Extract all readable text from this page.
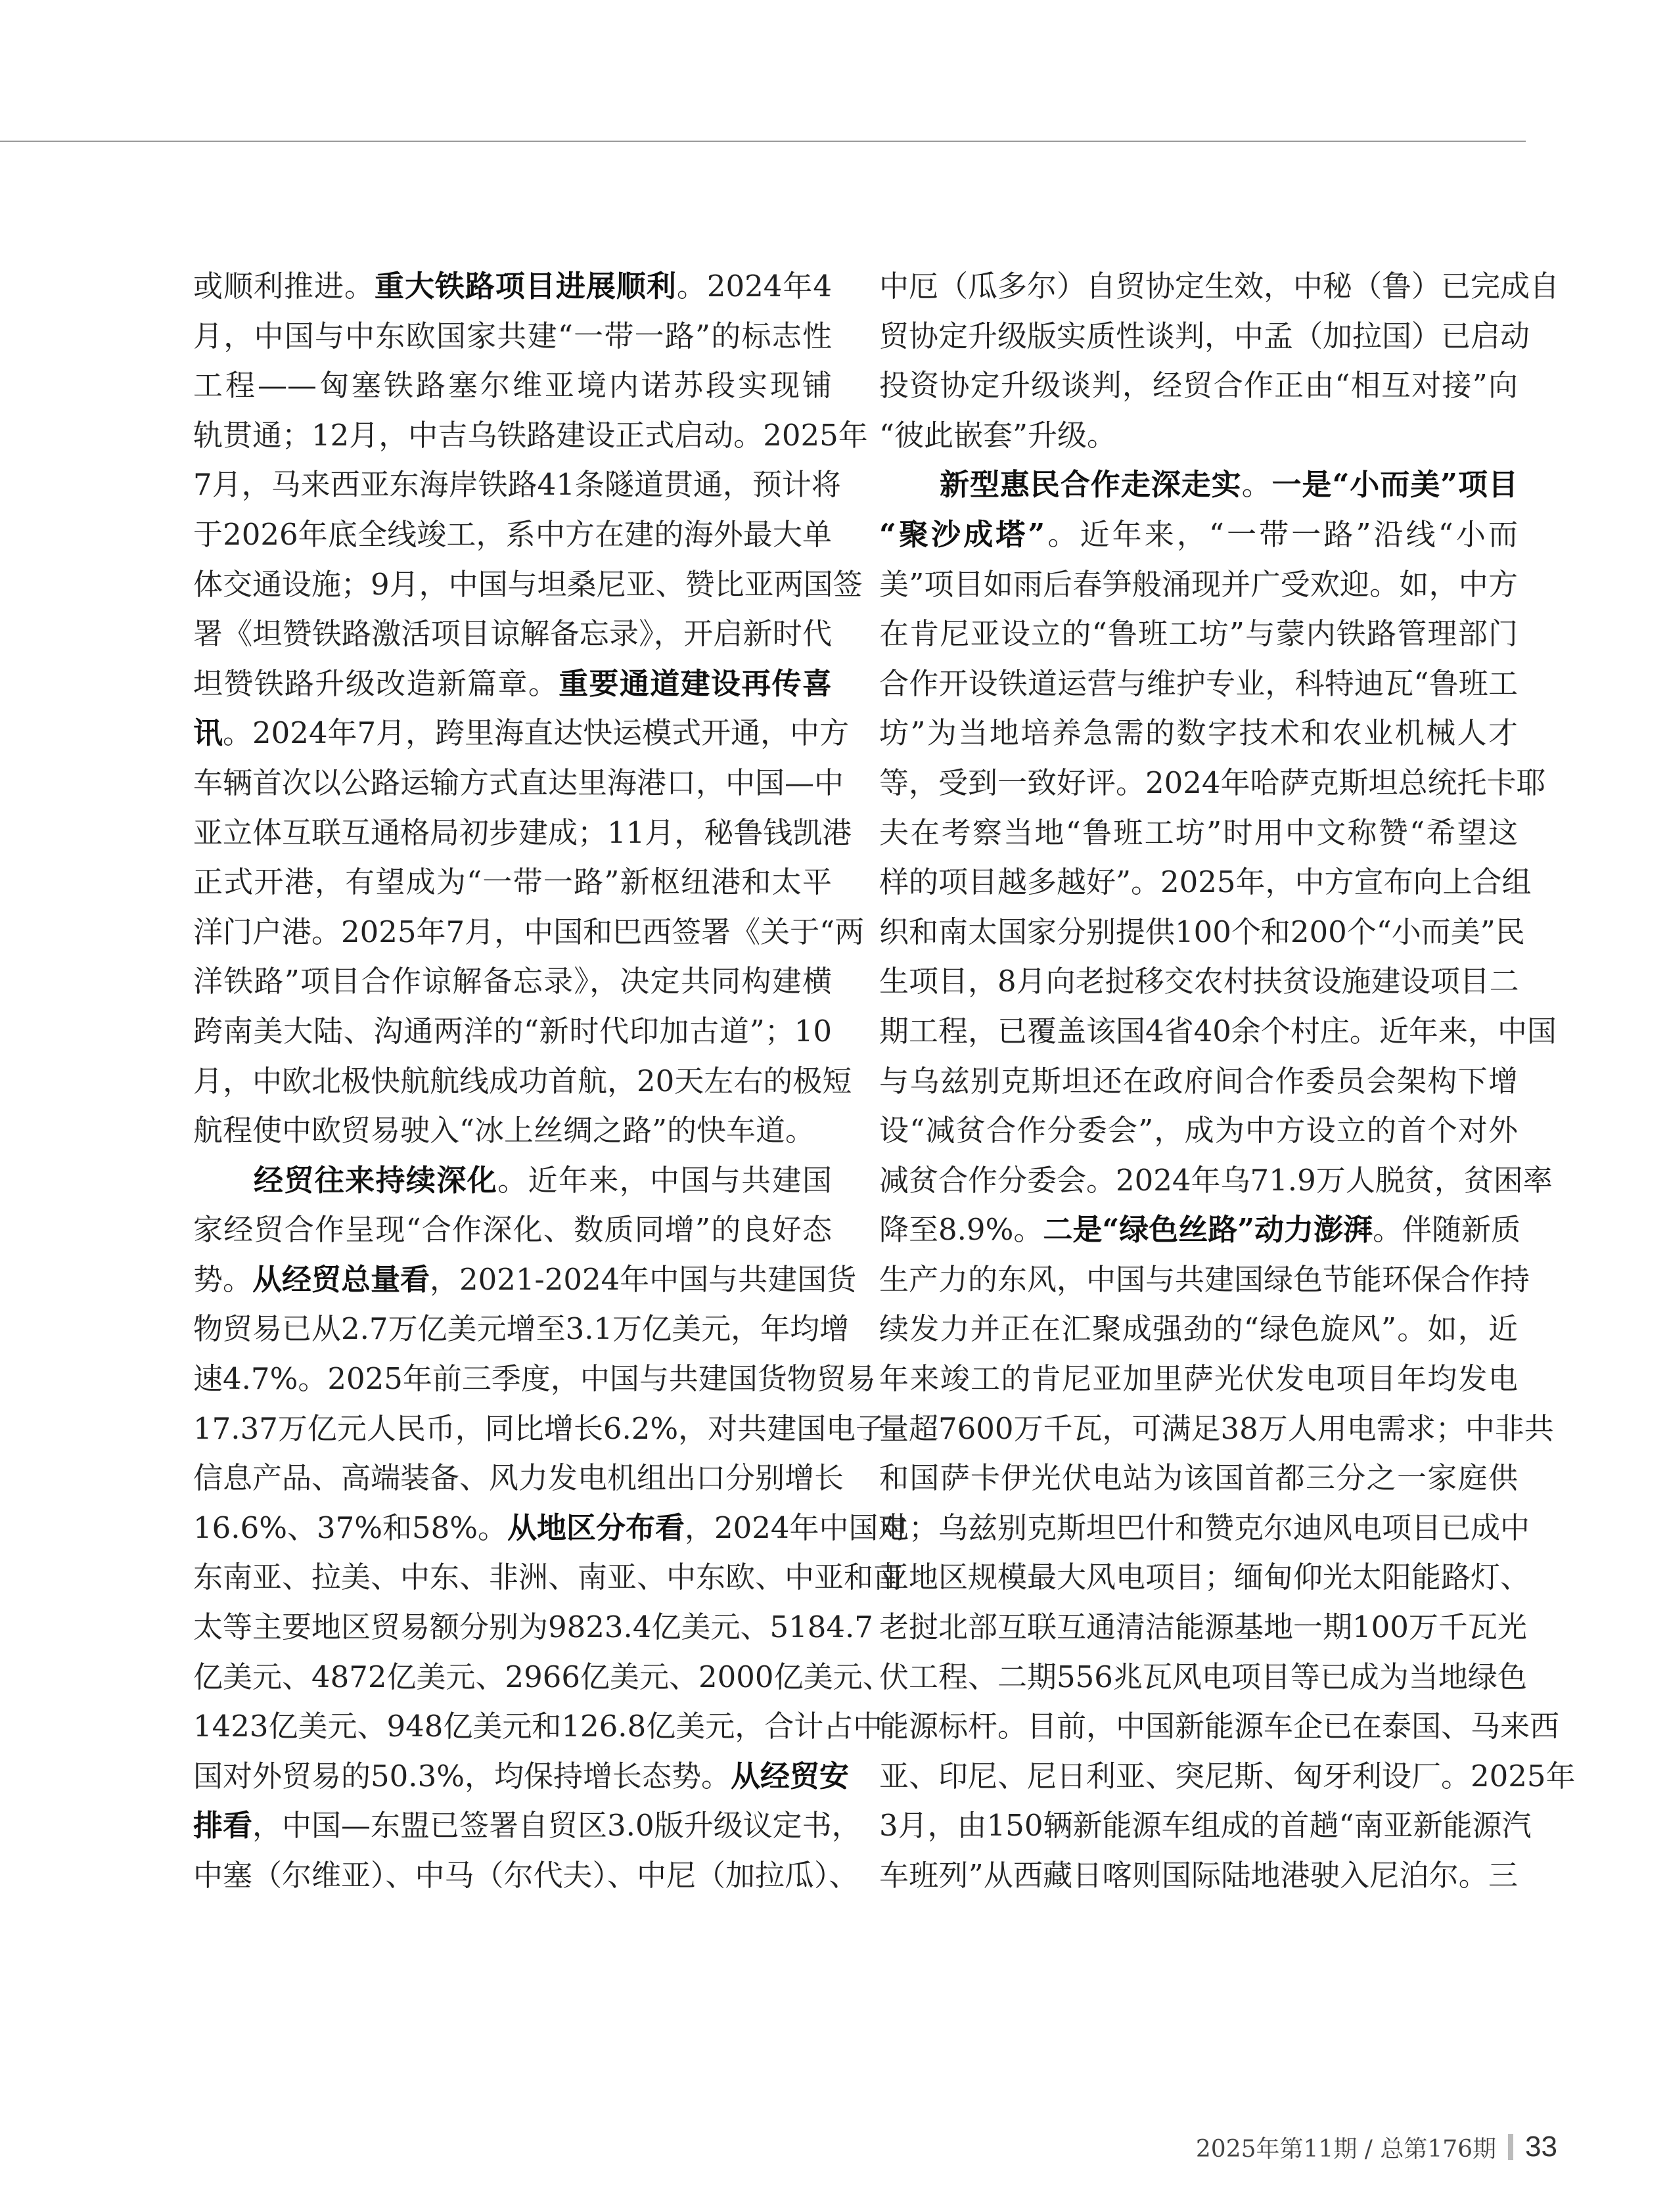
或顺利推进。重大铁路项目进展顺利。2024年4
月，中国与中东欧国家共建“一带一路”的标志性
工程——匈塞铁路塞尔维亚境内诺苏段实现铺
轨贯通；12月，中吉乌铁路建设正式启动。2025年
7月，马来西亚东海岸铁路41条隧道贯通，预计将
于2026年底全线竣工，系中方在建的海外最大单
体交通设施；9月，中国与坦桑尼亚、赞比亚两国签
署《坦赞铁路激活项目谅解备忘录》，开启新时代
坦赞铁路升级改造新篇章。重要通道建设再传喜
讯。2024年7月，跨里海直达快运模式开通，中方
车辆首次以公路运输方式直达里海港口，中国—中
亚立体互联互通格局初步建成；11月，秘鲁钱凯港
正式开港，有望成为“一带一路”新枢纽港和太平
洋门户港。2025年7月，中国和巴西签署《关于“两
洋铁路”项目合作谅解备忘录》，决定共同构建横
跨南美大陆、沟通两洋的“新时代印加古道”；10
月，中欧北极快航航线成功首航，20天左右的极短
航程使中欧贸易驶入“冰上丝绸之路”的快车道。
经贸往来持续深化。近年来，中国与共建国
家经贸合作呈现“合作深化、数质同增”的良好态
势。从经贸总量看，2021-2024年中国与共建国货
物贸易已从2.7万亿美元增至3.1万亿美元，年均增
速4.7%。2025年前三季度，中国与共建国货物贸易
17.37万亿元人民币，同比增长6.2%，对共建国电子
信息产品、高端装备、风力发电机组出口分别增长
16.6%、37%和58%。从地区分布看，2024年中国对
东南亚、拉美、中东、非洲、南亚、中东欧、中亚和南
太等主要地区贸易额分别为9823.4亿美元、5184.7
亿美元、4872亿美元、2966亿美元、2000亿美元、
1423亿美元、948亿美元和126.8亿美元，合计占中
国对外贸易的50.3%，均保持增长态势。从经贸安
排看，中国—东盟已签署自贸区3.0版升级议定书，
中塞（尔维亚）、中马（尔代夫）、中尼（加拉瓜）、
中厄（瓜多尔）自贸协定生效，中秘（鲁）已完成自
贸协定升级版实质性谈判，中孟（加拉国）已启动
投资协定升级谈判，经贸合作正由“相互对接”向
“彼此嵌套”升级。
新型惠民合作走深走实。一是“小而美”项目
“聚沙成塔”。近年来，“一带一路”沿线“小而
美”项目如雨后春笋般涌现并广受欢迎。如，中方
在肯尼亚设立的“鲁班工坊”与蒙内铁路管理部门
合作开设铁道运营与维护专业，科特迪瓦“鲁班工
坊”为当地培养急需的数字技术和农业机械人才
等，受到一致好评。2024年哈萨克斯坦总统托卡耶
夫在考察当地“鲁班工坊”时用中文称赞“希望这
样的项目越多越好”。2025年，中方宣布向上合组
织和南太国家分别提供100个和200个“小而美”民
生项目，8月向老挝移交农村扶贫设施建设项目二
期工程，已覆盖该国4省40余个村庄。近年来，中国
与乌兹别克斯坦还在政府间合作委员会架构下增
设“减贫合作分委会”，成为中方设立的首个对外
减贫合作分委会。2024年乌71.9万人脱贫，贫困率
降至8.9%。二是“绿色丝路”动力澎湃。伴随新质
生产力的东风，中国与共建国绿色节能环保合作持
续发力并正在汇聚成强劲的“绿色旋风”。如，近
年来竣工的肯尼亚加里萨光伏发电项目年均发电
量超7600万千瓦，可满足38万人用电需求；中非共
和国萨卡伊光伏电站为该国首都三分之一家庭供
电；乌兹别克斯坦巴什和赞克尔迪风电项目已成中
亚地区规模最大风电项目；缅甸仰光太阳能路灯、
老挝北部互联互通清洁能源基地一期100万千瓦光
伏工程、二期556兆瓦风电项目等已成为当地绿色
能源标杆。目前，中国新能源车企已在泰国、马来西
亚、印尼、尼日利亚、突尼斯、匈牙利设厂。2025年
3月，由150辆新能源车组成的首趟“南亚新能源汽
车班列”从西藏日喀则国际陆地港驶入尼泊尔。三
2025年第11期 / 总第176期 33
